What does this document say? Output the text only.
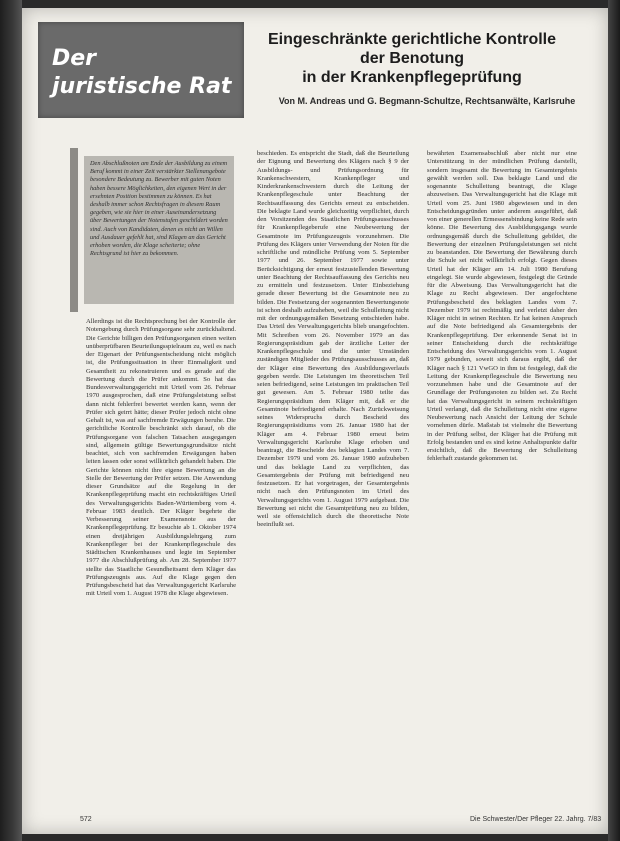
Der
juristische Rat
Eingeschränkte gerichtliche Kontrolle
der Benotung
in der Krankenpflegeprüfung
Von M. Andreas und G. Begmann-Schultze, Rechtsanwälte, Karlsruhe
Den Abschlußnoten am Ende der Ausbildung zu einem Beruf kommt in einer Zeit verstärkter Stellenangebote besondere Bedeutung zu. Bewerber mit guten Noten haben bessere Möglichkeiten, den eigenen Wert in der ersehnten Position bestimmen zu können. Es hat deshalb immer schon Rechtsfragen in diesem Raum gegeben, wie sie hier in einer Auseinandersetzung über Bewertungen der Notenstufen geschildert worden sind. Auch von Kandidaten, denen es nicht an Willen und Ausdauer gefehlt hat, sind Klagen an das Gericht erhoben worden, die Klage scheiterte; ohne Rechtsgrund ist hier zu bekommen.

Allerdings ist die Rechtsprechung bei der Kontrolle der Notengebung durch Prüfungsorgane sehr zurückhaltend. Die Gerichte billigen den Prüfungsorganen einen weiten unüberprüfbaren Beurteilungsspielraum zu, weil es nach der Eigenart der Prüfungsentscheidung nicht möglich ist, die Prüfungssituation in ihrer Einmaligkeit und Gesamtheit zu rekonstruieren und es gerade auf die Bewertung durch die Prüfer ankommt. So hat das Bundesverwaltungsgericht mit Urteil vom 26. Februar 1970 ausgesprochen, daß eine Prüfungsleistung selbst dann nicht fehlerfrei bewertet werden kann, wenn der Prüfer sich geirrt hätte; dieser Prüfer jedoch nicht ohne Gehalt ist, was auf sachfremde Erwägungen beruhe. Die gerichtliche Kontrolle beschränkt sich darauf, ob die Prüfungsorgane von falschen Tatsachen ausgegangen sind, allgemein gültige Bewertungsgrundsätze nicht beachtet, sich von sachfremden Erwägungen haben leiten lassen oder sonst willkürlich gehandelt haben. Die Gerichte können nicht ihre eigene Bewertung an die Stelle der Bewertung der Prüfer setzen. Die Anwendung dieser Grundsätze auf die Regelung in der Krankenpflegeprüfung macht ein rechtskräftiges Urteil des Verwaltungsgerichts Baden-Württemberg vom 4. Februar 1983 deutlich. Der Kläger begehrte die Verbesserung seiner Examensnote aus der Krankenpflegeprüfung. Er besuchte ab 1. Oktober 1974 einen dreijährigen Ausbildungslehrgang zum Krankenpfleger bei der Krankenpflegeschule des Städtischen Krankenhauses und legte im September 1977 die Abschlußprüfung ab. Am 28. September 1977 stellte das Staatliche Gesundheitsamt dem Kläger das Prüfungszeugnis aus. Auf die Klage gegen den Prüfungsbescheid hat das Verwaltungsgericht Karlsruhe mit Urteil vom 1. August 1978 die Klage abgewiesen.

beschieden. Es entspricht die Stadt, daß die Beurteilung der Eignung und Bewertung des Klägers nach § 9 der Ausbildungs- und Prüfungsordnung für Krankenschwestern, Krankenpfleger und Kinderkrankenschwestern durch die Leitung der Krankenpflegeschule unter Beachtung der Rechtsauffassung des Gerichts erneut zu entscheiden. Die beklagte Land wurde gleichzeitig verpflichtet, durch den Vorsitzenden des Staatlichen Prüfungsausschusses für Krankenpflegeberufe eine Neubewertung der Gesamtnote im Prüfungszeugnis vorzunehmen. Die Prüfung des Klägers unter Verwendung der Noten für die schriftliche und mündliche Prüfung vom 5. September 1977 und 26. September 1977 sowie unter Berücksichtigung der erneut festzustellenden Bewertung unter Beachtung der Rechtsauffassung des Gerichts neu zu ermitteln und festzusetzen. Unter Einbeziehung gerade dieser Bewertung ist die Gesamtnote neu zu bilden. Die Festsetzung der sogenannten Bewertungsnote ist schon deshalb aufzuheben, weil die Schulleitung nicht mit der ordnungsgemäßen Besetzung entschieden habe. Das Urteil des Verwaltungsgerichts blieb unangefochten. Mit Schreiben vom 26. November 1979 an das Regierungspräsidium gab der ärztliche Leiter der Krankenpflegeschule und die unter Umständen zuständigen Mitglieder des Prüfungsausschusses an, daß der Kläger eine Bewertung des Ausbildungsverlaufs gegeben werde. Die Leistungen im theoretischen Teil seien befriedigend, seine Leistungen im praktischen Teil gut gewesen. Am 5. Februar 1980 teilte das Regierungspräsidium dem Kläger mit, daß er die Gesamtnote befriedigend erhalte. Nach Zurückweisung seines Widerspruchs durch Bescheid des Regierungspräsidiums vom 26. Januar 1980 hat der Kläger am 4. Februar 1980 erneut beim Verwaltungsgericht Karlsruhe Klage erhoben und beantragt, die Bescheide des beklagten Landes vom 7. Dezember 1979 und vom 26. Januar 1980 aufzuheben und das beklagte Land zu verpflichten, das Gesamtergebnis der Prüfung mit befriedigend neu festzusetzen. Er hat vorgetragen, der Gesamtergebnis nicht nach den Prüfungsnoten im Urteil des Verwaltungsgerichts vom 1. August 1979 aufgebaut. Die Bewertung sei nicht die Gesamtprüfung neu zu bilden, weil sie offensichtlich durch die theoretische Note beeinflußt sei.

bewährten Examensabschluß aber nicht nur eine Unterstützung in der mündlichen Prüfung darstellt, sondern insgesamt die Bewertung im Gesamtergebnis gewählt werden soll. Das beklagte Land und die sogenannte Schulleitung beantragt, die Klage abzuweisen. Das Verwaltungsgericht hat die Klage mit Urteil vom 25. Juni 1980 abgewiesen und in den Entscheidungsgründen unter anderem ausgeführt, daß von einer generellen Ermessensbindung keine Rede sein könne. Die Bewertung des Ausbildungsgangs wurde ordnungsgemäß durch die Schulleitung gebildet, die Bewertung der einzelnen Prüfungsleistungen sei nicht zu beanstanden. Die Bewertung der Bewährung durch die Schule sei nicht willkürlich erfolgt. Gegen dieses Urteil hat der Kläger am 14. Juli 1980 Berufung eingelegt. Sie wurde abgewiesen, festgelegt die Gründe für die Abweisung. Das Verwaltungsgericht hat die Klage zu Recht abgewiesen. Der angefochtene Prüfungsbescheid des beklagten Landes vom 7. Dezember 1979 ist rechtmäßig und verletzt daher den Kläger nicht in seinen Rechten. Er hat keinen Anspruch auf die Note befriedigend als Gesamtergebnis der Krankenpflegeprüfung. Der erkennende Senat ist in seiner Entscheidung durch die rechtskräftige Entscheidung des Verwaltungsgerichts vom 1. August 1979 gebunden, soweit sich daraus ergibt, daß der Kläger nach § 121 VwGO in ihm ist festgelegt, daß die Leitung der Krankenpflegeschule die Bewertung neu vorzunehmen habe und die Gesamtnote auf der Grundlage der Prüfungsnoten zu bilden sei. Zu Recht hat das Verwaltungsgericht in seinem rechtskräftigen Urteil verlangt, daß die Schulleitung nicht eine eigene Neubewertung nach Ansicht der Leitung der Schule vornehmen dürfe. Maßstab ist vielmehr die Bewertung in der Prüfung selbst, der Kläger hat die Prüfung mit Erfolg bestanden und es sind keine Anhaltspunkte dafür ersichtlich, daß die Bewertung der Schulleitung fehlerhaft zustande gekommen ist.

572	Die Schwester/Der Pfleger 22. Jahrg. 7/83
